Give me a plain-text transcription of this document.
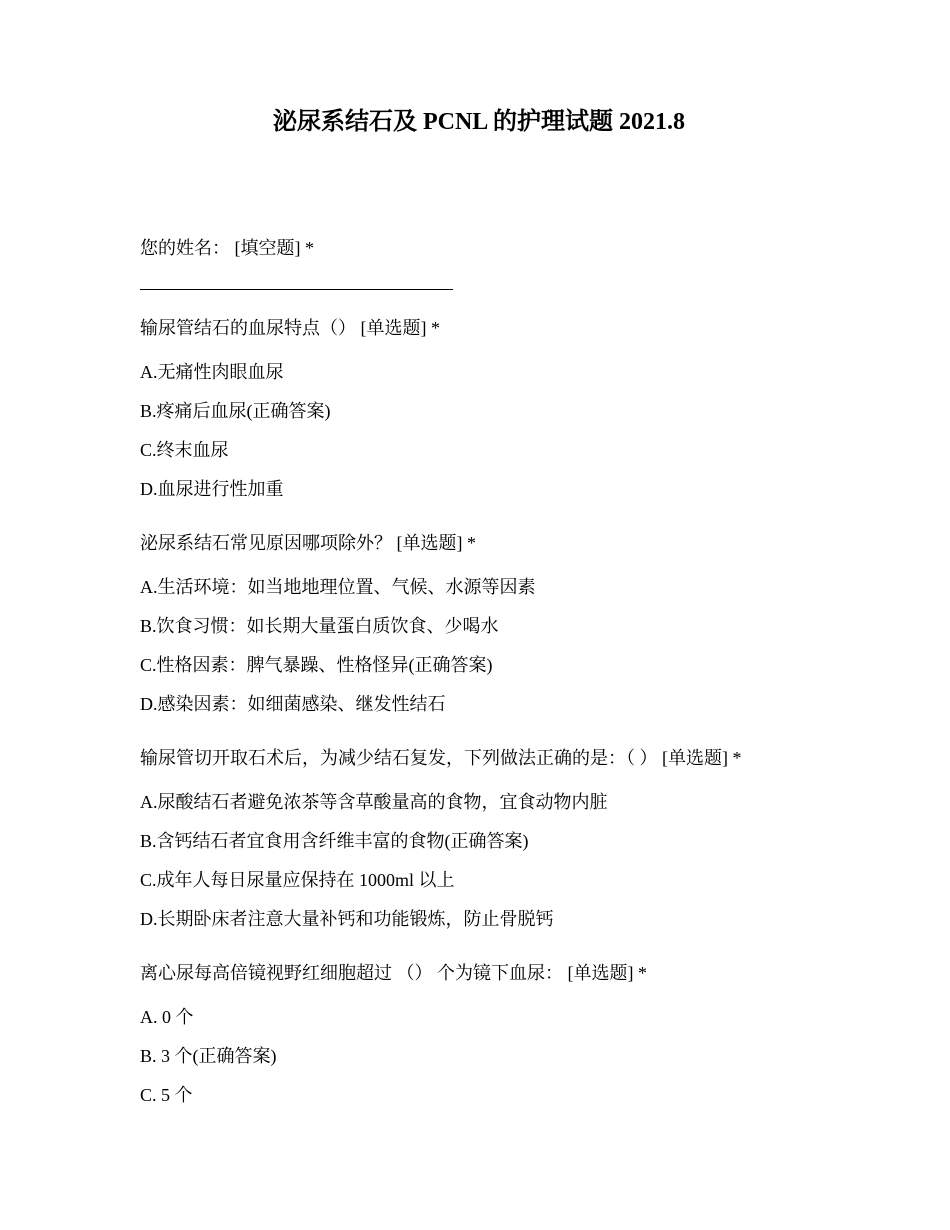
泌尿系结石及 PCNL 的护理试题 2021.8

您的姓名： [填空题] *

输尿管结石的血尿特点（） [单选题] *

A.无痛性肉眼血尿

B.疼痛后血尿(正确答案)

C.终末血尿

D.血尿进行性加重

泌尿系结石常见原因哪项除外？ [单选题] *

A.生活环境：如当地地理位置、气候、水源等因素

B.饮食习惯：如长期大量蛋白质饮食、少喝水

C.性格因素：脾气暴躁、性格怪异(正确答案)

D.感染因素：如细菌感染、继发性结石

输尿管切开取石术后，为减少结石复发，下列做法正确的是：（ ） [单选题] *

A.尿酸结石者避免浓茶等含草酸量高的食物，宜食动物内脏

B.含钙结石者宜食用含纤维丰富的食物(正确答案)

C.成年人每日尿量应保持在 1000ml 以上

D.长期卧床者注意大量补钙和功能锻炼，防止骨脱钙

离心尿每高倍镜视野红细胞超过 （） 个为镜下血尿： [单选题] *

A. 0 个

B. 3 个(正确答案)

C. 5 个
